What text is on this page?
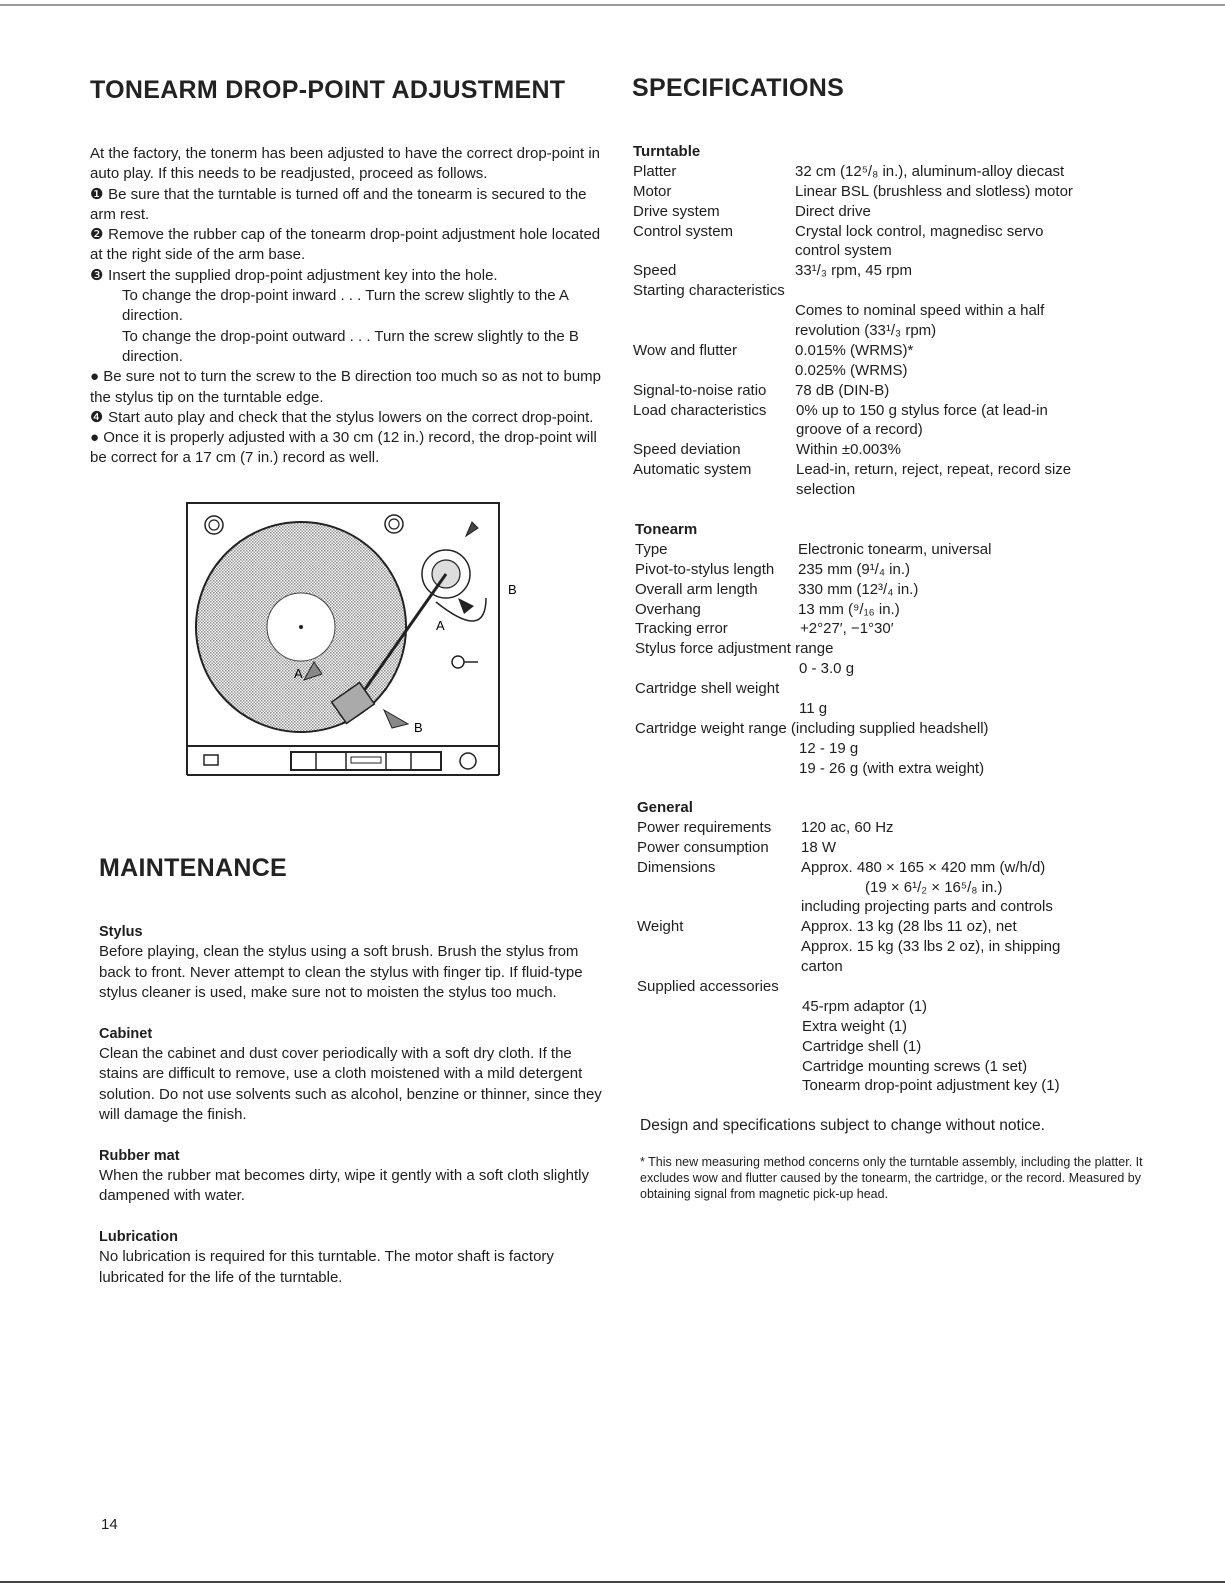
TONEARM DROP-POINT ADJUSTMENT

At the factory, the tonerm has been adjusted to have the correct drop-point in auto play. If this needs to be readjusted, proceed as follows.

❶ Be sure that the turntable is turned off and the tonearm is secured to the arm rest.

❷ Remove the rubber cap of the tonearm drop-point adjustment hole located at the right side of the arm base.

❸ Insert the supplied drop-point adjustment key into the hole.

To change the drop-point inward . . . Turn the screw slightly to the A direction.

To change the drop-point outward . . . Turn the screw slightly to the B direction.

● Be sure not to turn the screw to the B direction too much so as not to bump the stylus tip on the turntable edge.

❹ Start auto play and check that the stylus lowers on the correct drop-point.

● Once it is properly adjusted with a 30 cm (12 in.) record, the drop-point will be correct for a 17 cm (7 in.) record as well.

A
A
B
B
MAINTENANCE
Stylus

Before playing, clean the stylus using a soft brush. Brush the stylus from back to front. Never attempt to clean the stylus with finger tip. If fluid-type stylus cleaner is used, make sure not to moisten the stylus too much.

Cabinet

Clean the cabinet and dust cover periodically with a soft dry cloth. If the stains are difficult to remove, use a cloth moistened with a mild detergent solution. Do not use solvents such as alcohol, benzine or thinner, since they will damage the finish.

Rubber mat

When the rubber mat becomes dirty, wipe it gently with a soft cloth slightly dampened with water.

Lubrication

No lubrication is required for this turntable. The motor shaft is factory lubricated for the life of the turntable.

14
SPECIFICATIONS
Turntable
Platter	32 cm (12⁵/₈ in.), aluminum-alloy diecast
Motor	Linear BSL (brushless and slotless) motor
Drive system	Direct drive
Control system	Crystal lock control, magnedisc servo
control system
Speed	33¹/₃ rpm, 45 rpm
Starting characteristics
Comes to nominal speed within a half
revolution (33¹/₃ rpm)
Wow and flutter	0.015% (WRMS)*
0.025% (WRMS)
Signal-to-noise ratio 78 dB (DIN-B)
Load characteristics 0% up to 150 g stylus force (at lead-in
groove of a record)
Speed deviation	Within ±0.003%
Automatic system	Lead-in, return, reject, repeat, record size
selection
Tonearm
Type	Electronic tonearm, universal
Pivot-to-stylus length 235 mm (9¹/₄ in.)
Overall arm length	330 mm (12³/₄ in.)
Overhang	13 mm (⁹/₁₆ in.)
Tracking error	+2°27′, −1°30′
Stylus force adjustment range
0 - 3.0 g
Cartridge shell weight
11 g
Cartridge weight range (including supplied headshell)
12 - 19 g
19 - 26 g (with extra weight)
General
Power requirements 120 ac, 60 Hz
Power consumption 18 W
Dimensions	Approx. 480 × 165 × 420 mm (w/h/d)
(19 × 6¹/₂ × 16⁵/₈ in.)
including projecting parts and controls
Weight	Approx. 13 kg (28 lbs 11 oz), net
Approx. 15 kg (33 lbs 2 oz), in shipping
carton
Supplied accessories
45-rpm adaptor (1)
Extra weight (1)
Cartridge shell (1)
Cartridge mounting screws (1 set)
Tonearm drop-point adjustment key (1)
Design and specifications subject to change without notice.
* This new measuring method concerns only the turntable assembly, including the platter. It excludes wow and flutter caused by the tonearm, the cartridge, or the record. Measured by obtaining signal from magnetic pick-up head.
